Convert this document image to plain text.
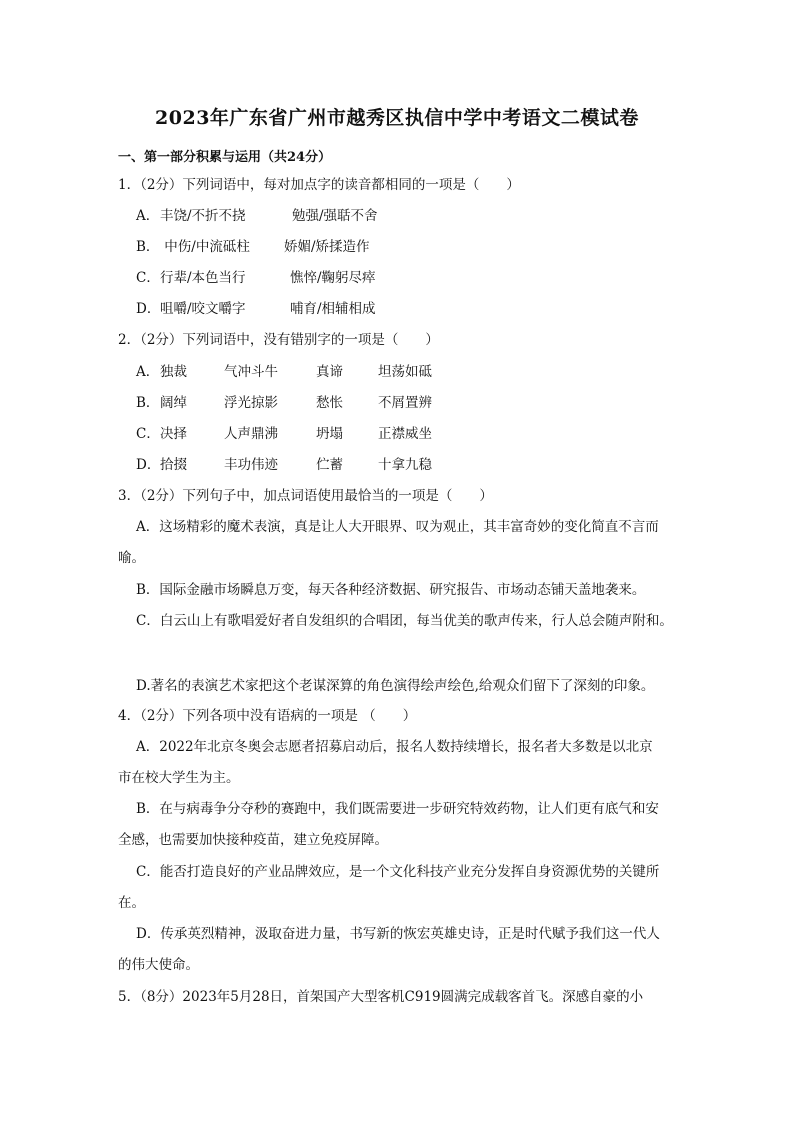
2023年广东省广州市越秀区执信中学中考语文二模试卷
一、第一部分积累与运用（共24分）
1．（2分）下列词语中，每对加点字的读音都相同的一项是（　　）
A． 丰饶/不折不挠	勉强/强聒不舍
B． 中伤/中流砥柱	娇媚/矫揉造作
C． 行辈/本色当行	憔悴/鞠躬尽瘁
D． 咀嚼/咬文嚼字	哺育/相辅相成
2．（2分）下列词语中，没有错别字的一项是（　　）
A． 独裁	气冲斗牛	真谛	坦荡如砥
B． 阔绰	浮光掠影	愁怅	不屑置辨
C． 决择	人声鼎沸	坍塌	正襟威坐
D． 拾掇	丰功伟迹	伫蓄	十拿九稳
3．（2分）下列句子中，加点词语使用最恰当的一项是（　　）
A．这场精彩的魔术表演，真是让人大开眼界、叹为观止，其丰富奇妙的变化简直不言而
喻。
B．国际金融市场瞬息万变，每天各种经济数据、研究报告、市场动态铺天盖地袭来。
C．白云山上有歌唱爱好者自发组织的合唱团，每当优美的歌声传来，行人总会随声附和。
D.著名的表演艺术家把这个老谋深算的角色演得绘声绘色,给观众们留下了深刻的印象。
4．（2分）下列各项中没有语病的一项是 （　　）
A．2022年北京冬奥会志愿者招募启动后，报名人数持续增长，报名者大多数是以北京
市在校大学生为主。
B．在与病毒争分夺秒的赛跑中，我们既需要进一步研究特效药物，让人们更有底气和安
全感，也需要加快接种疫苗，建立免疫屏障。
C．能否打造良好的产业品牌效应，是一个文化科技产业充分发挥自身资源优势的关键所
在。
D．传承英烈精神，汲取奋进力量，书写新的恢宏英雄史诗，正是时代赋予我们这一代人
的伟大使命。
5．（8分）2023年5月28日，首架国产大型客机C919圆满完成载客首飞。深感自豪的小
